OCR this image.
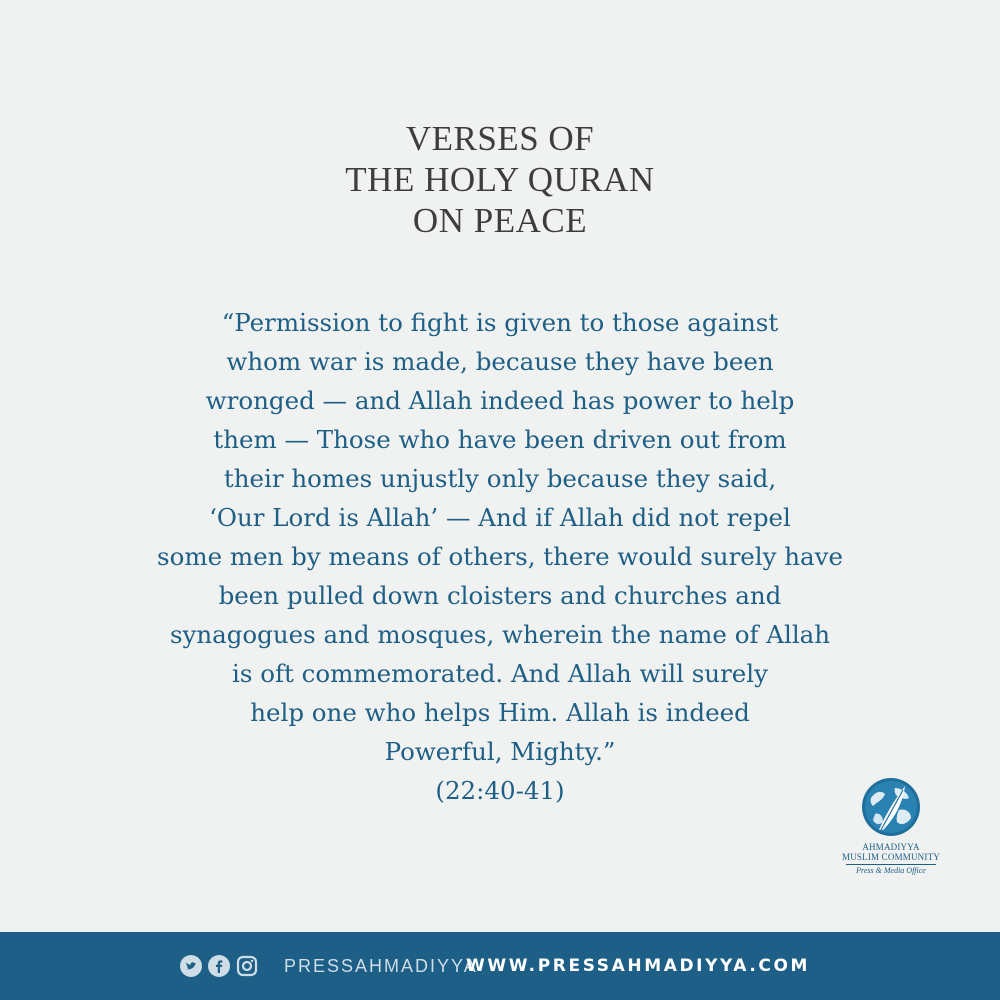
VERSES OF
THE HOLY QURAN
ON PEACE
“Permission to fight is given to those against
whom war is made, because they have been
wronged — and Allah indeed has power to help
them — Those who have been driven out from
their homes unjustly only because they said,
‘Our Lord is Allah’ — And if Allah did not repel
some men by means of others, there would surely have
been pulled down cloisters and churches and
synagogues and mosques, wherein the name of Allah
is oft commemorated. And Allah will surely
help one who helps Him. Allah is indeed
Powerful, Mighty.”
(22:40-41)
AHMADIYYA
MUSLIM COMMUNITY
Press & Media Office
PRESSAHMADIYYA
WWW.PRESSAHMADIYYA.COM
